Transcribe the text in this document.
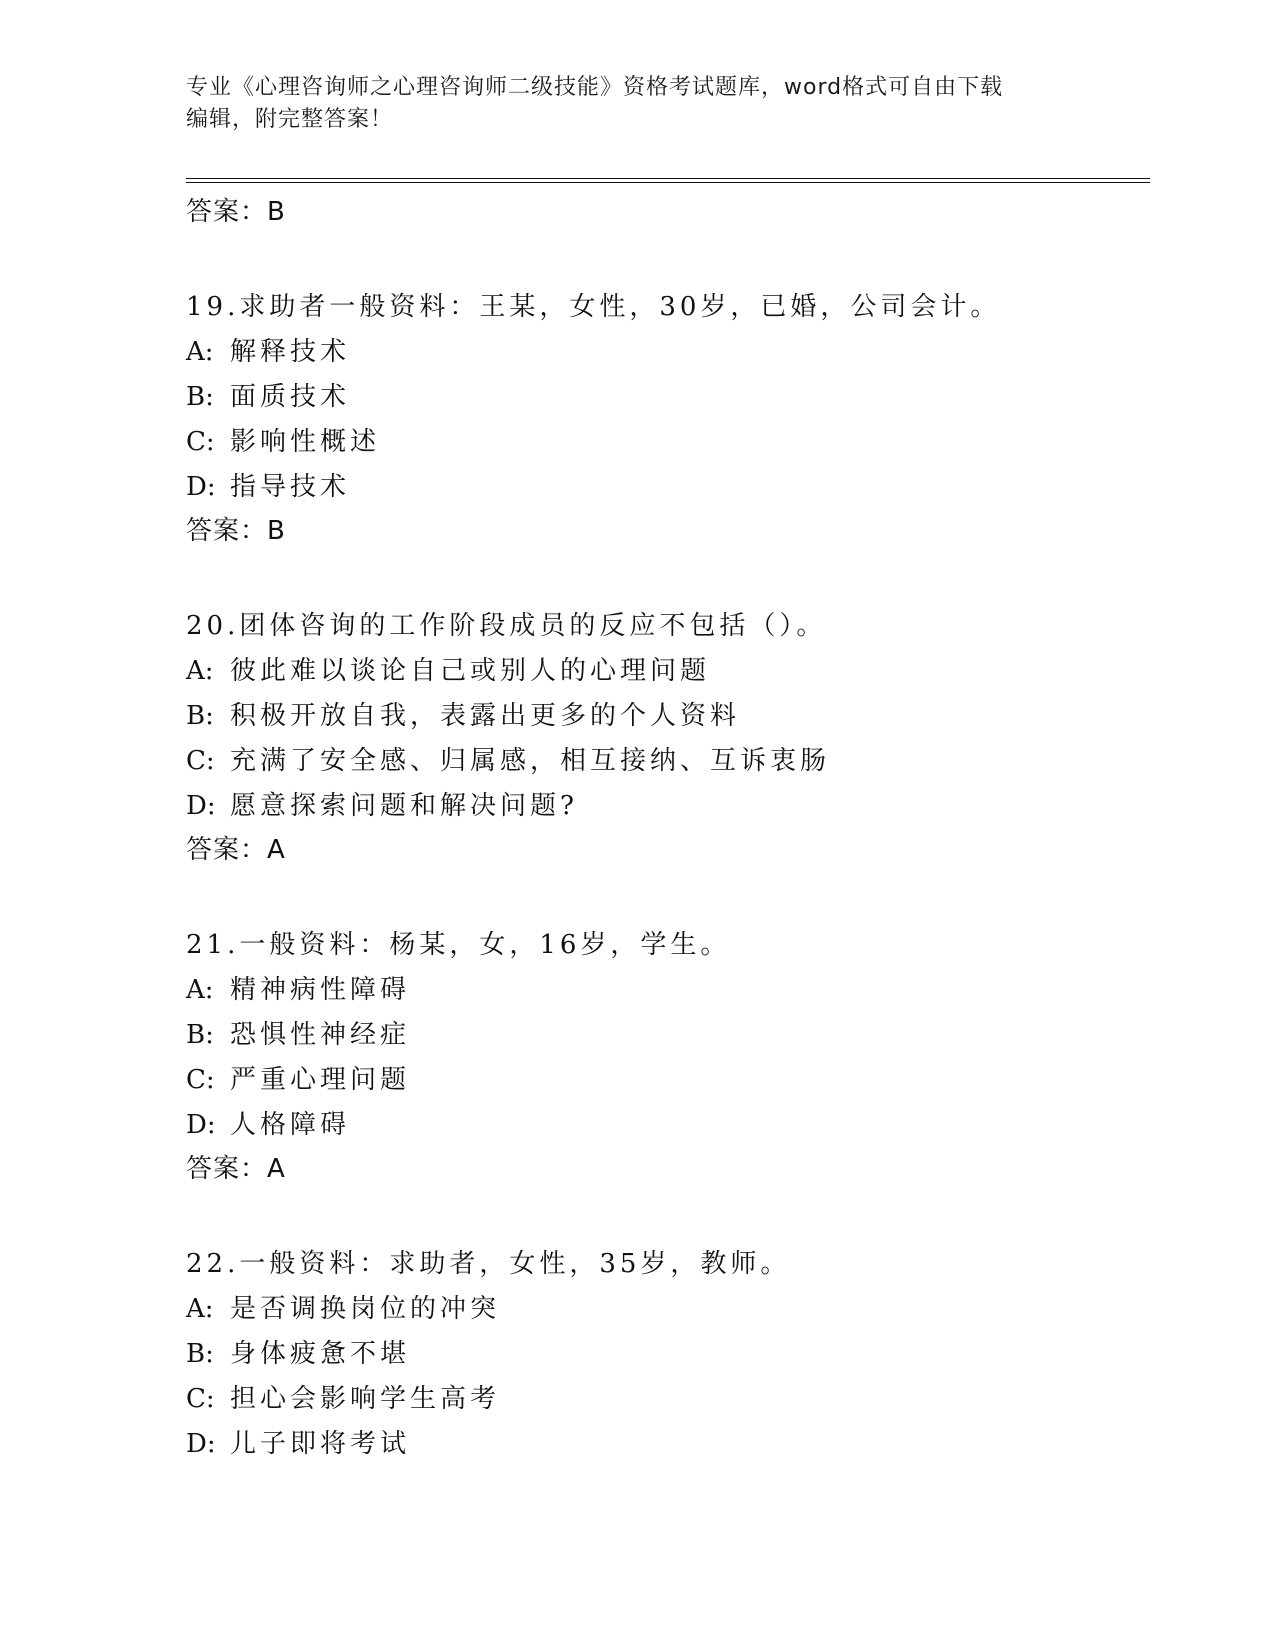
专业《心理咨询师之心理咨询师二级技能》资格考试题库，word格式可自由下载
编辑，附完整答案！
答案：B
19.求助者一般资料：王某，女性，30岁，已婚，公司会计。
A: 解释技术
B: 面质技术
C: 影响性概述
D: 指导技术
答案：B
20.团体咨询的工作阶段成员的反应不包括（）。
A: 彼此难以谈论自己或别人的心理问题
B: 积极开放自我，表露出更多的个人资料
C: 充满了安全感、归属感，相互接纳、互诉衷肠
D: 愿意探索问题和解决问题?
答案：A
21.一般资料：杨某，女，16岁，学生。
A: 精神病性障碍
B: 恐惧性神经症
C: 严重心理问题
D: 人格障碍
答案：A
22.一般资料：求助者，女性，35岁，教师。
A: 是否调换岗位的冲突
B: 身体疲惫不堪
C: 担心会影响学生高考
D: 儿子即将考试
